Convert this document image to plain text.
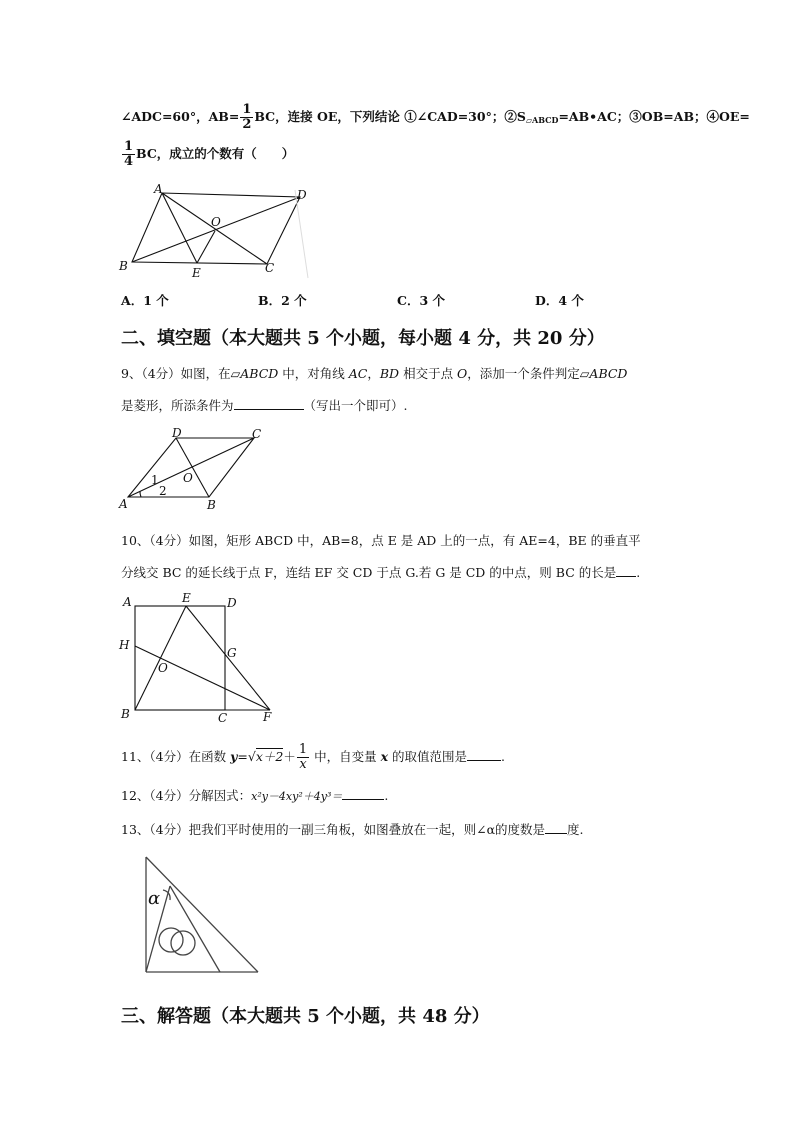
∠ADC=60°，$AB= \frac{1}{2}$ BC，连接 OE，下列结论 ①∠CAD=30°；$②S_{▱ABCD}=AB•AC$；③OB=AB；④OE=
$\frac{1}{4}$ BC，成立的个数有（　　）
A	D
O
B	E	C
A．1 个	B．2 个	C．3 个	D．4 个
二、填空题（本大题共 5 个小题，每小题 4 分，共 20 分）
9、（4分）如图，在▱ABCD 中，对角线 AC，BD 相交于点 O，添加一个条件判定▱ABCD
是菱形，所添条件为	（写出一个即可）.
D	C
A	B
O
1
2
10、（4分）如图，矩形 ABCD 中，AB=8，点 E 是 AD 上的一点，有 AE=4，BE 的垂直平
分线交 BC 的延长线于点 F，连结 EF 交 CD 于点 G.若 G 是 CD 的中点，则 BC 的长是 .
A	E	D
H
G
O
B	C	F
11、（4分）在函数 $y=√x+2+ \frac{1}{x}$ 中，自变量 x 的取值范围是	.
12、（4分）分解因式：x²y－4xy²＋4y³＝	.
13、（4分）把我们平时使用的一副三角板，如图叠放在一起，则∠α的度数是 度.
α
三、解答题（本大题共 5 个小题，共 48 分）
